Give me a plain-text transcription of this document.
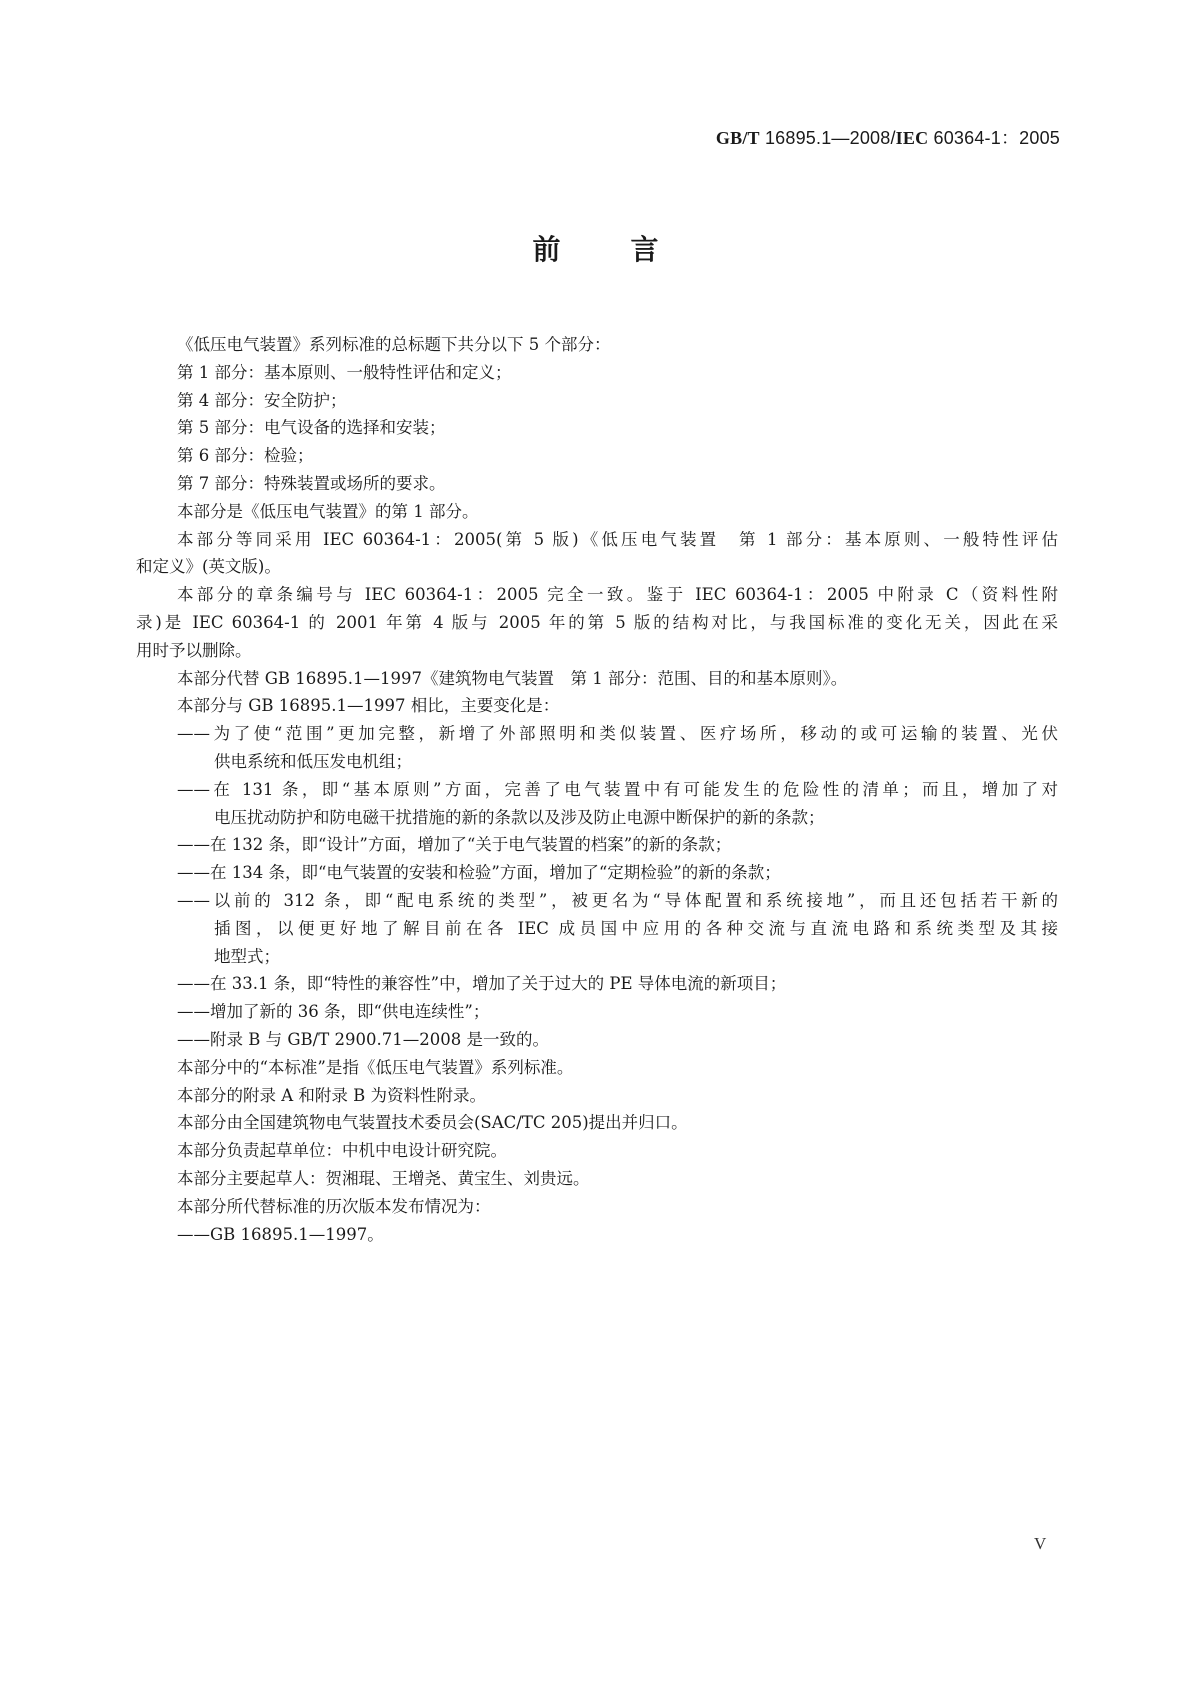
GB/T 16895.1—2008/IEC 60364-1：2005
前 言
《低压电气装置》系列标准的总标题下共分以下 5 个部分：
第 1 部分：基本原则、一般特性评估和定义；
第 4 部分：安全防护；
第 5 部分：电气设备的选择和安装；
第 6 部分：检验；
第 7 部分：特殊装置或场所的要求。
本部分是《低压电气装置》的第 1 部分。
本部分等同采用 IEC 60364-1：2005(第 5 版)《低压电气装置　第 1 部分：基本原则、一般特性评估
和定义》(英文版)。
本部分的章条编号与 IEC 60364-1：2005 完全一致。鉴于 IEC 60364-1：2005 中附录 C（资料性附
录)是 IEC 60364-1 的 2001 年第 4 版与 2005 年的第 5 版的结构对比，与我国标准的变化无关，因此在采
用时予以删除。
本部分代替 GB 16895.1—1997《建筑物电气装置　第 1 部分：范围、目的和基本原则》。
本部分与 GB 16895.1—1997 相比，主要变化是：
——为了使“范围”更加完整，新增了外部照明和类似装置、医疗场所，移动的或可运输的装置、光伏
供电系统和低压发电机组；
——在 131 条，即“基本原则”方面，完善了电气装置中有可能发生的危险性的清单；而且，增加了对
电压扰动防护和防电磁干扰措施的新的条款以及涉及防止电源中断保护的新的条款；
——在 132 条，即“设计”方面，增加了“关于电气装置的档案”的新的条款；
——在 134 条，即“电气装置的安装和检验”方面，增加了“定期检验”的新的条款；
——以前的 312 条，即“配电系统的类型”，被更名为“导体配置和系统接地”，而且还包括若干新的
插图，以便更好地了解目前在各 IEC 成员国中应用的各种交流与直流电路和系统类型及其接
地型式；
——在 33.1 条，即“特性的兼容性”中，增加了关于过大的 PE 导体电流的新项目；
——增加了新的 36 条，即“供电连续性”；
——附录 B 与 GB/T 2900.71—2008 是一致的。
本部分中的“本标准”是指《低压电气装置》系列标准。
本部分的附录 A 和附录 B 为资料性附录。
本部分由全国建筑物电气装置技术委员会(SAC/TC 205)提出并归口。
本部分负责起草单位：中机中电设计研究院。
本部分主要起草人：贺湘琨、王增尧、黄宝生、刘贵远。
本部分所代替标准的历次版本发布情况为：
——GB 16895.1—1997。
V
